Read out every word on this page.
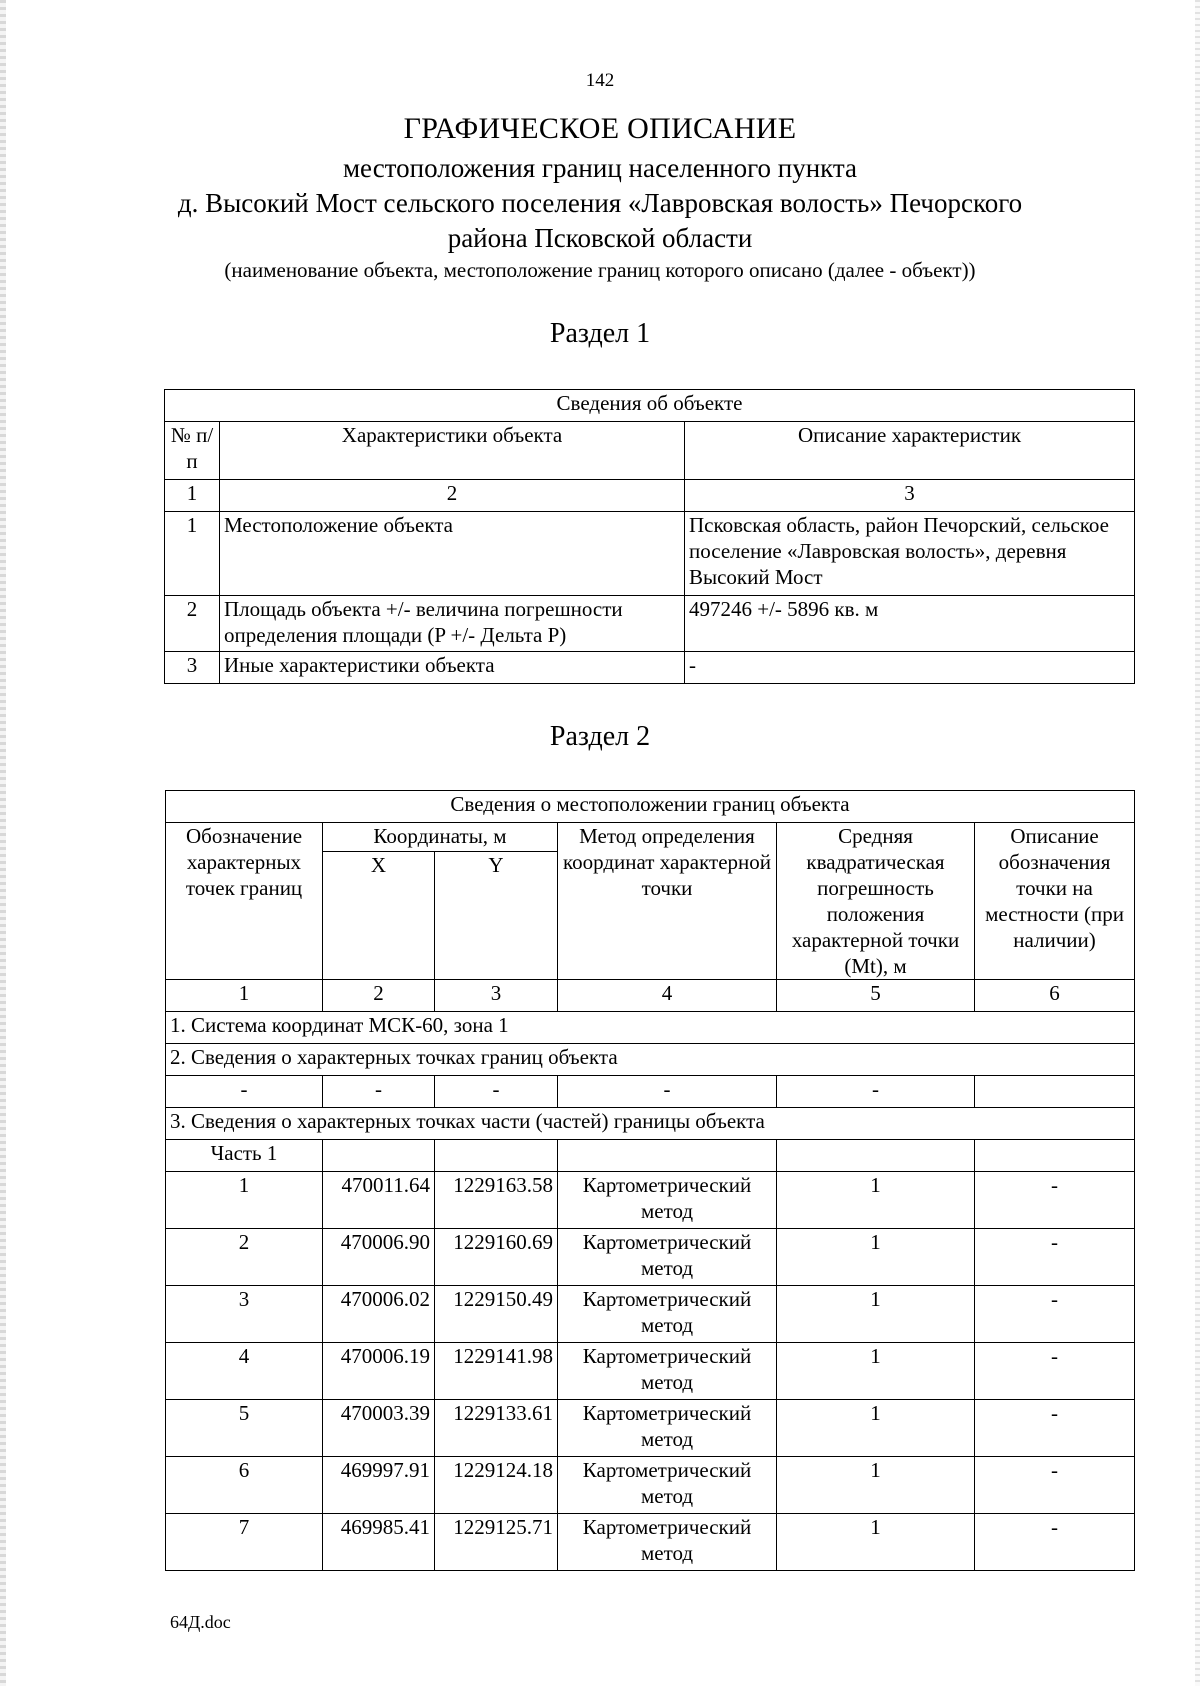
142
ГРАФИЧЕСКОЕ ОПИСАНИЕ
местоположения границ населенного пункта
д. Высокий Мост сельского поселения «Лавровская волость» Печорского
района Псковской области
(наименование объекта, местоположение границ которого описано (далее - объект))
Раздел 1
Сведения об объекте		
№ п/п	Характеристики объекта	Описание характеристик
1	2	3
1	Местоположение объекта	Псковская область, район Печорский, сельское поселение «Лавровская волость», деревня Высокий Мост
2	Площадь объекта +/- величина погрешности определения площади (P +/- Дельта P)	497246 +/- 5896 кв. м
3	Иные характеристики объекта	-
Раздел 2
Сведения о местоположении границ объекта					
Обозначение характерных точек границ	Координаты, м		Метод определения координат характерной точки	Средняя квадратическая погрешность положения характерной точки (Mt), м	Описание обозначения точки на местности (при наличии)
	X	Y			
1	2	3	4	5	6
1. Система координат МСК-60, зона 1					
2. Сведения о характерных точках границ объекта					
-	-	-	-	-	
3. Сведения о характерных точках части (частей) границы объекта					
Часть 1					
1	470011.64	1229163.58	Картометрический метод	1	-
2	470006.90	1229160.69	Картометрический метод	1	-
3	470006.02	1229150.49	Картометрический метод	1	-
4	470006.19	1229141.98	Картометрический метод	1	-
5	470003.39	1229133.61	Картометрический метод	1	-
6	469997.91	1229124.18	Картометрический метод	1	-
7	469985.41	1229125.71	Картометрический метод	1	-
64Д.doc
